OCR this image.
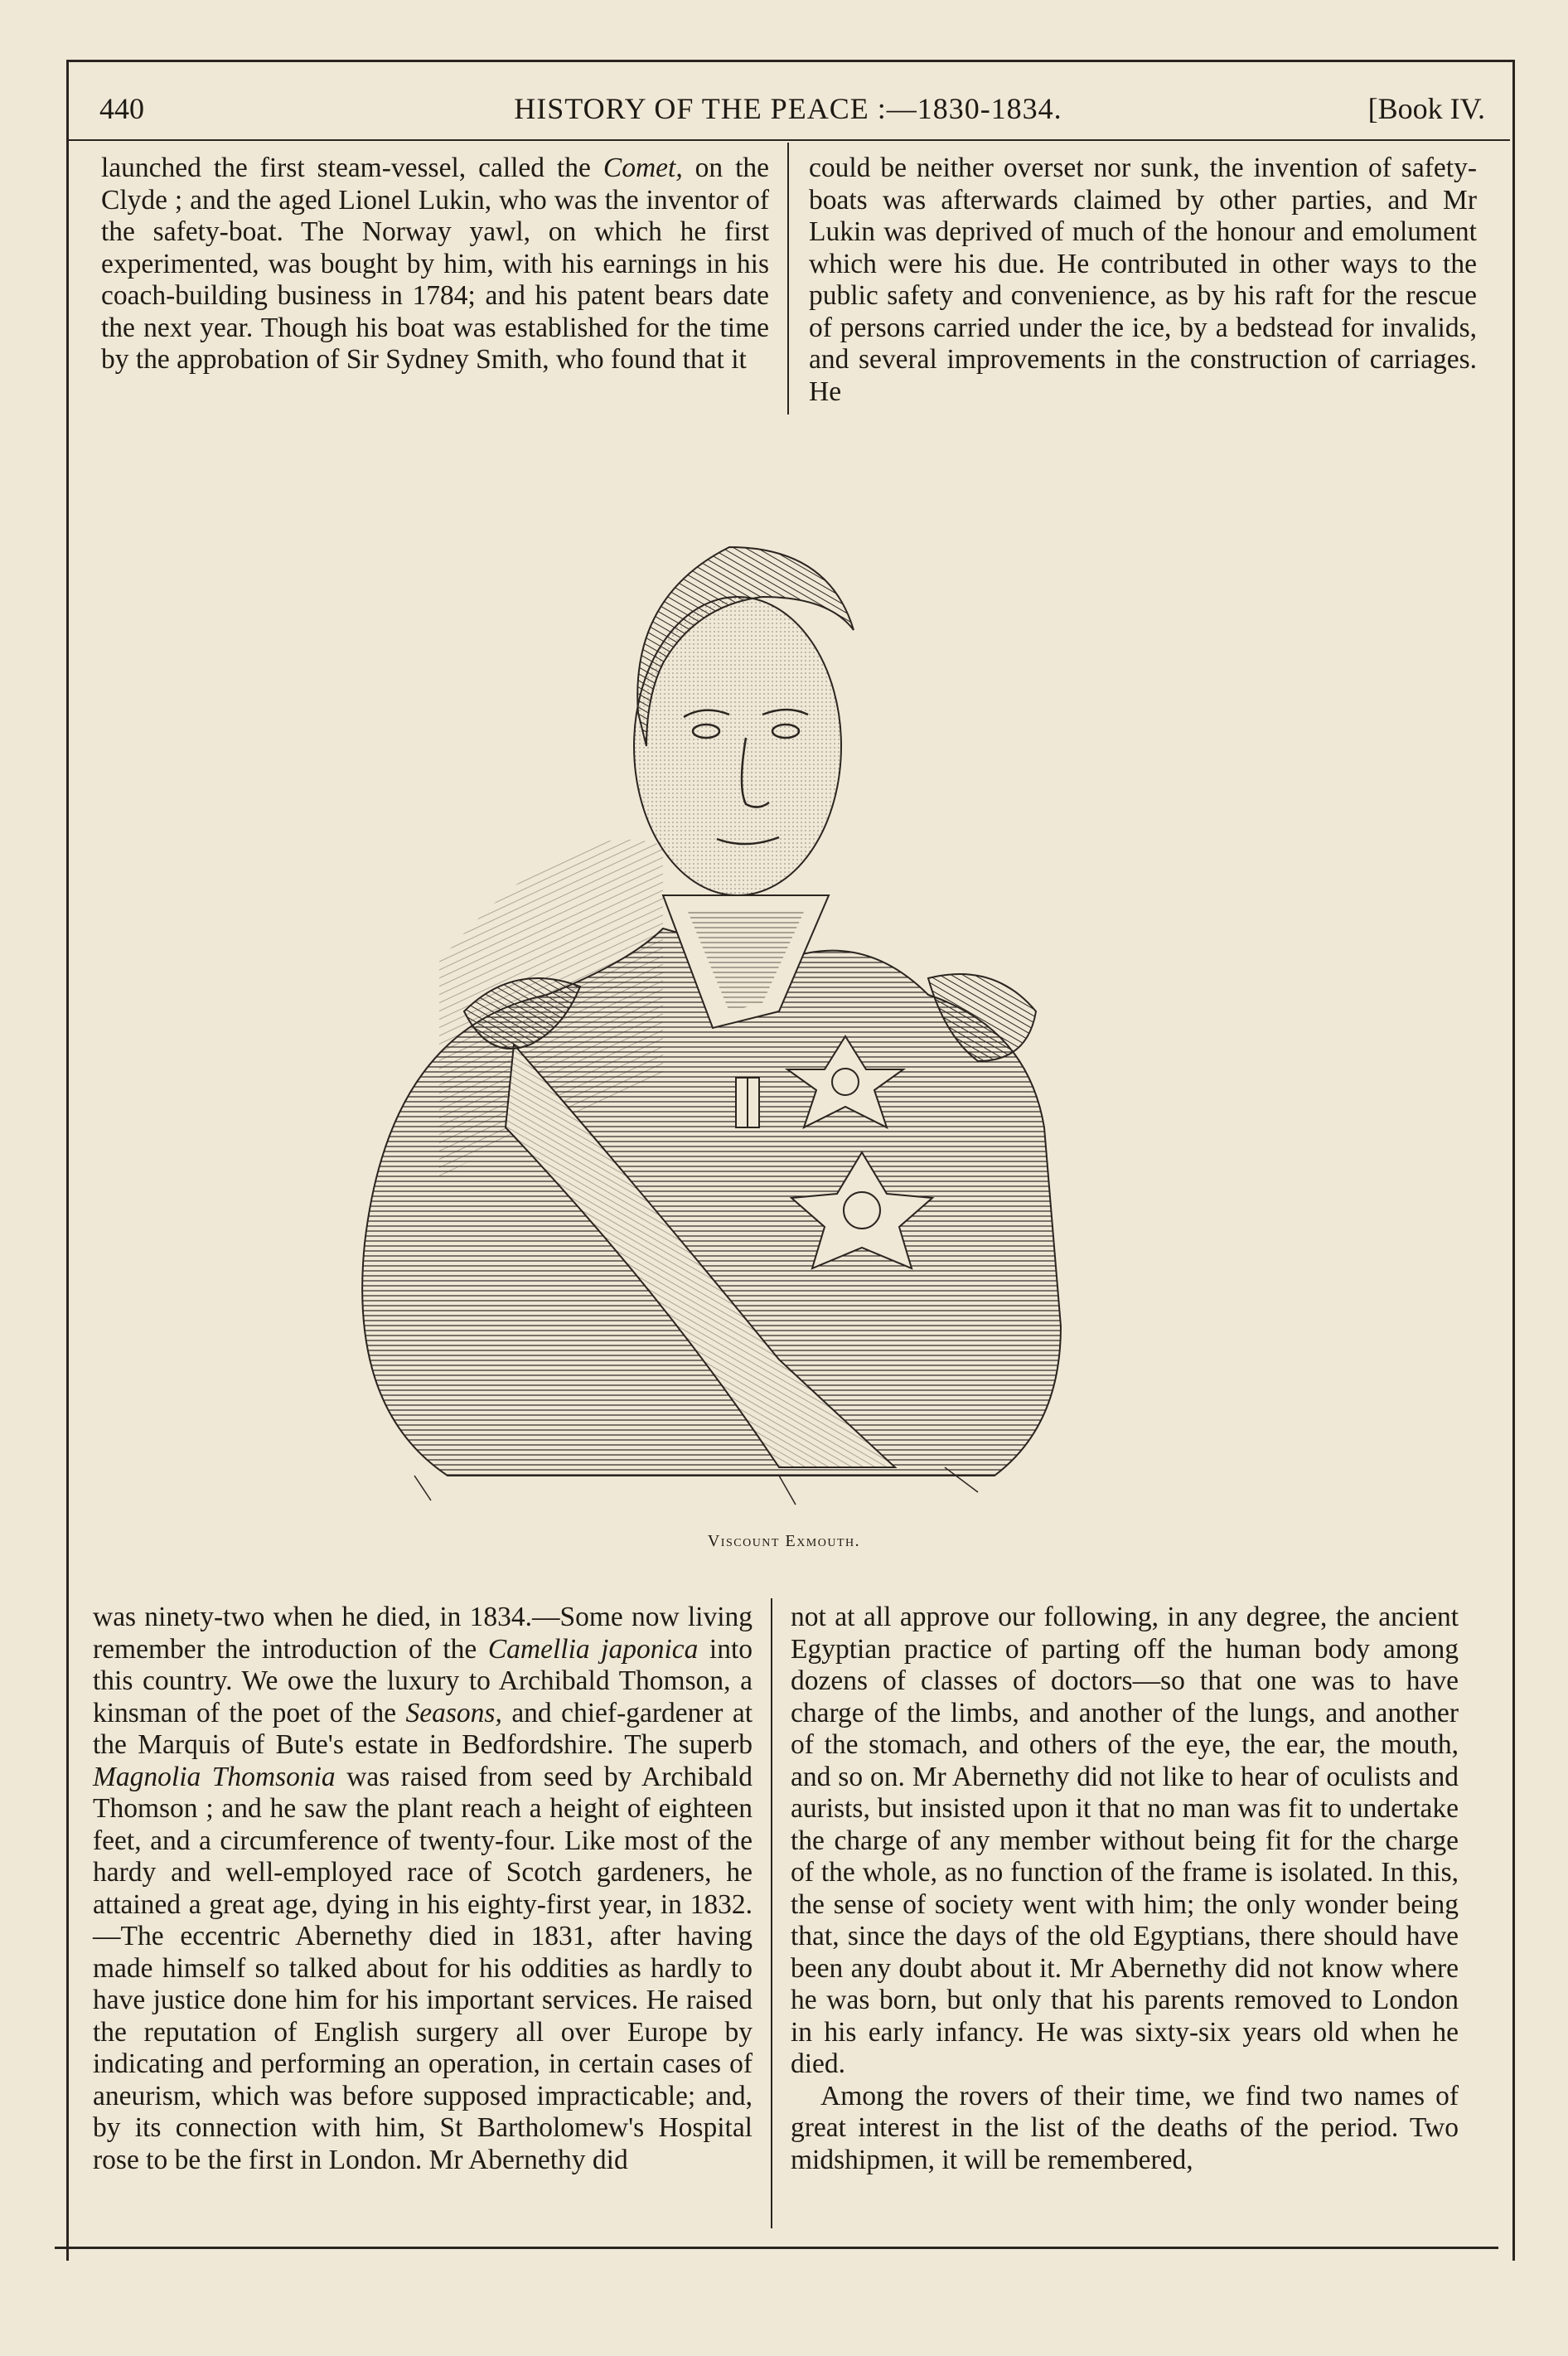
440	HISTORY OF THE PEACE :—1830-1834.	[Book IV.

launched the first steam-vessel, called the Comet, on the Clyde ; and the aged Lionel Lukin, who was the inventor of the safety-boat. The Norway yawl, on which he first experimented, was bought by him, with his earnings in his coach-building business in 1784; and his patent bears date the next year. Though his boat was established for the time by the approbation of Sir Sydney Smith, who found that it

could be neither overset nor sunk, the invention of safety-boats was afterwards claimed by other parties, and Mr Lukin was deprived of much of the honour and emolument which were his due. He contributed in other ways to the public safety and convenience, as by his raft for the rescue of persons carried under the ice, by a bedstead for invalids, and several improvements in the construction of carriages. He

Viscount Exmouth.

was ninety-two when he died, in 1834.—Some now living remember the introduction of the Camellia japonica into this country. We owe the luxury to Archibald Thomson, a kinsman of the poet of the Seasons, and chief-gardener at the Marquis of Bute's estate in Bedfordshire. The superb Magnolia Thomsonia was raised from seed by Archibald Thomson ; and he saw the plant reach a height of eighteen feet, and a circumference of twenty-four. Like most of the hardy and well-employed race of Scotch gardeners, he attained a great age, dying in his eighty-first year, in 1832.—The eccentric Abernethy died in 1831, after having made himself so talked about for his oddities as hardly to have justice done him for his important services. He raised the reputation of English surgery all over Europe by indicating and performing an operation, in certain cases of aneurism, which was before supposed impracticable; and, by its connection with him, St Bartholomew's Hospital rose to be the first in London. Mr Abernethy did

not at all approve our following, in any degree, the ancient Egyptian practice of parting off the human body among dozens of classes of doctors—so that one was to have charge of the limbs, and another of the lungs, and another of the stomach, and others of the eye, the ear, the mouth, and so on. Mr Abernethy did not like to hear of oculists and aurists, but insisted upon it that no man was fit to undertake the charge of any member without being fit for the charge of the whole, as no function of the frame is isolated. In this, the sense of society went with him; the only wonder being that, since the days of the old Egyptians, there should have been any doubt about it. Mr Abernethy did not know where he was born, but only that his parents removed to London in his early infancy. He was sixty-six years old when he died.

Among the rovers of their time, we find two names of great interest in the list of the deaths of the period. Two midshipmen, it will be remembered,
